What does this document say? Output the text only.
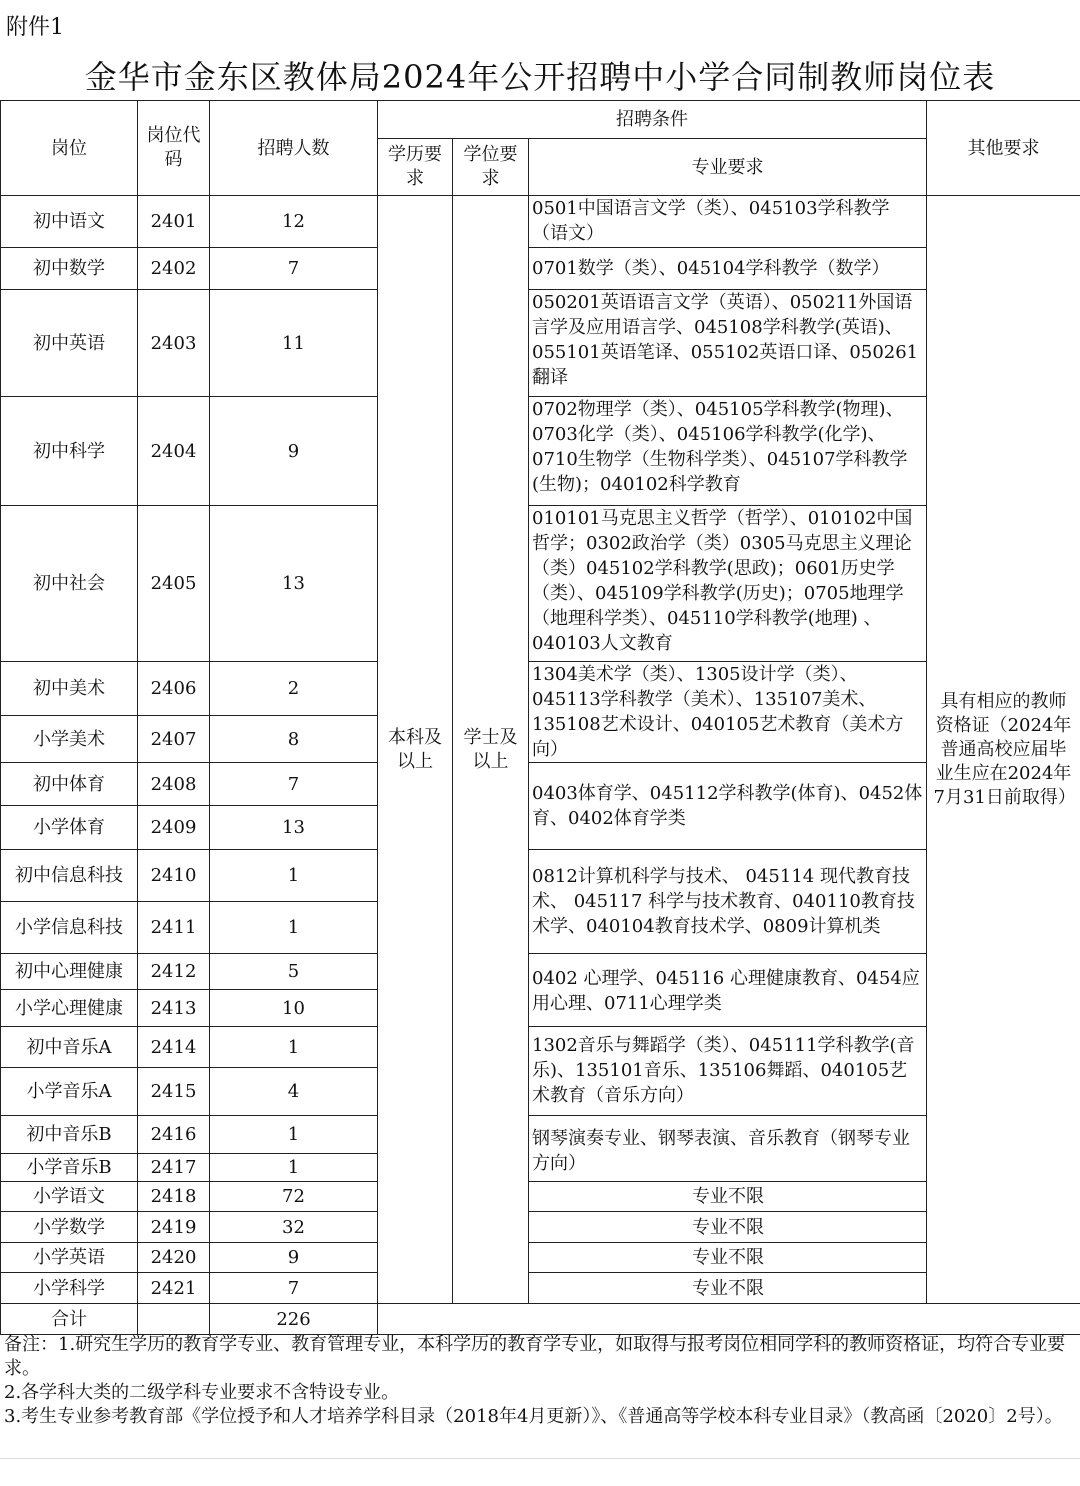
附件1
金华市金东区教体局2024年公开招聘中小学合同制教师岗位表
岗位	岗位代码	招聘人数	招聘条件			其他要求

			学历要求	学位要求	专业要求	
初中语文	2401	12	本科及以上	学士及以上	0501中国语言文学（类）、045103学科教学（语文）	具有相应的教师资格证（2024年普通高校应届毕业生应在2024年7月31日前取得）

初中数学	2402	7			0701数学（类）、045104学科教学（数学）	
初中英语	2403	11			050201英语语言文学（英语）、050211外国语言学及应用语言学、045108学科教学(英语)、055101英语笔译、055102英语口译、050261翻译	
初中科学	2404	9			0702物理学（类）、045105学科教学(物理)、0703化学（类）、045106学科教学(化学)、0710生物学（生物科学类）、045107学科教学(生物)；040102科学教育	
初中社会	2405	13			010101马克思主义哲学（哲学）、010102中国哲学；0302政治学（类）0305马克思主义理论（类）045102学科教学(思政)；0601历史学（类）、045109学科教学(历史)；0705地理学（地理科学类）、045110学科教学(地理) 、040103人文教育	
初中美术	2406	2			1304美术学（类）、1305设计学（类）、045113学科教学（美术）、135107美术、135108艺术设计、040105艺术教育（美术方向）	
小学美术	2407	8				
初中体育	2408	7			0403体育学、045112学科教学(体育)、0452体育、0402体育学类	
小学体育	2409	13				
初中信息科技	2410	1			0812计算机科学与技术、 045114 现代教育技术、 045117 科学与技术教育、040110教育技术学、040104教育技术学、0809计算机类	
小学信息科技	2411	1				
初中心理健康	2412	5			0402 心理学、045116 心理健康教育、0454应用心理、0711心理学类	
小学心理健康	2413	10				
初中音乐A	2414	1			1302音乐与舞蹈学（类）、045111学科教学(音乐)、135101音乐、135106舞蹈、040105艺术教育（音乐方向）	
小学音乐A	2415	4				
初中音乐B	2416	1			钢琴演奏专业、钢琴表演、音乐教育（钢琴专业方向）	
小学音乐B	2417	1				
小学语文	2418	72			专业不限	
小学数学	2419	32			专业不限	
小学英语	2420	9			专业不限	
小学科学	2421	7			专业不限	
合计		226				
备注：1.研究生学历的教育学专业、教育管理专业，本科学历的教育学专业，如取得与报考岗位相同学科的教师资格证，均符合专业要求。
2.各学科大类的二级学科专业要求不含特设专业。
3.考生专业参考教育部《学位授予和人才培养学科目录（2018年4月更新）》、《普通高等学校本科专业目录》（教高函〔2020〕2号）。
